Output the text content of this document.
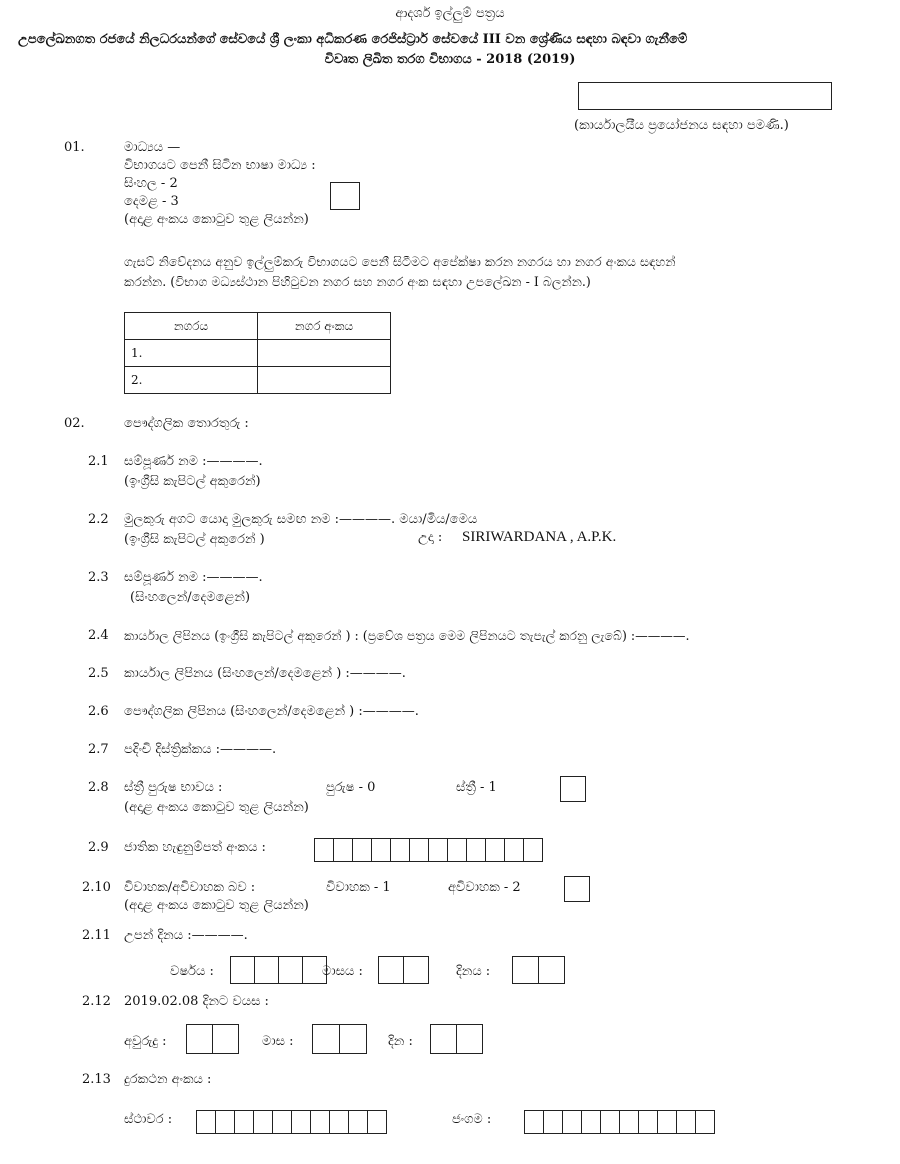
ආදර්ශ ඉල්ලුම් පත්‍රය
උපලේඛනගත රජයේ නිලධරයන්ගේ සේවයේ ශ්‍රී ලංකා අධිකරණ රෙජිස්ට්‍රාර් සේවයේ III වන ශ්‍රේණිය සඳහා බඳවා ගැනීමේ
විවෘත ලිඛිත තරග විභාගය - 2018 (2019)
(කාර්යාලයීය ප්‍රයෝජනය සඳහා පමණි.)
01.	මාධ්‍යය —
විභාගයට පෙනී සිටින භාෂා මාධ්‍ය :
සිංහල - 2
දෙමළ - 3
(අදාළ අංකය කොටුව තුළ ලියන්න)
ගැසට් නිවේදනය අනුව ඉල්ලුම්කරු විභාගයට පෙනී සිටීමට අපේක්ෂා කරන නගරය හා නගර අංකය සඳහන්
කරන්න. (විභාග මධ්‍යස්ථාන පිහිටුවන නගර සහ නගර අංක සඳහා උපලේඛන - I බලන්න.)
නගරය	නගර අංකය
1.	
2.	
02.	පෞද්ගලික තොරතුරු :
2.1 සම්පූර්ණ නම :————.
(ඉංග්‍රීසි කැපිටල් අකුරෙන්)
2.2 මුලකුරු අගට යොදා මුලකුරු සමඟ නම :————. මයා/මිය/මෙය
(ඉංග්‍රීසි කැපිටල් අකුරෙන් )	උදා : SIRIWARDANA , A.P.K.
2.3 සම්පූර්ණ නම :————.
(සිංහලෙන්/දෙමළෙන්)
2.4 කාර්යාල ලිපිනය (ඉංග්‍රීසි කැපිටල් අකුරෙන් ) : (ප්‍රවේශ පත්‍රය මෙම ලිපිනයට තැපැල් කරනු ලැබේ) :————.
2.5 කාර්යාල ලිපිනය (සිංහලෙන්/දෙමළෙන් ) :————.
2.6 පෞද්ගලික ලිපිනය (සිංහලෙන්/දෙමළෙන් ) :————.
2.7 පදිංචි දිස්ත්‍රික්කය :————.
2.8 ස්ත්‍රී පුරුෂ භාවය :	පුරුෂ - 0	ස්ත්‍රී - 1
(අදාළ අංකය කොටුව තුළ ලියන්න)
2.9 ජාතික හැඳුනුම්පත් අංකය :
2.10 විවාහක/අවිවාහක බව :	විවාහක - 1	අවිවාහක - 2
(අදාළ අංකය කොටුව තුළ ලියන්න)
2.11 උපන් දිනය :————.
වර්ෂය :	මාසය :	දිනය :
2.12 2019.02.08 දිනට වයස :
අවුරුදු :	මාස :	දින :
2.13 දුරකථන අංකය :
ස්ථාවර :	ජංගම :
